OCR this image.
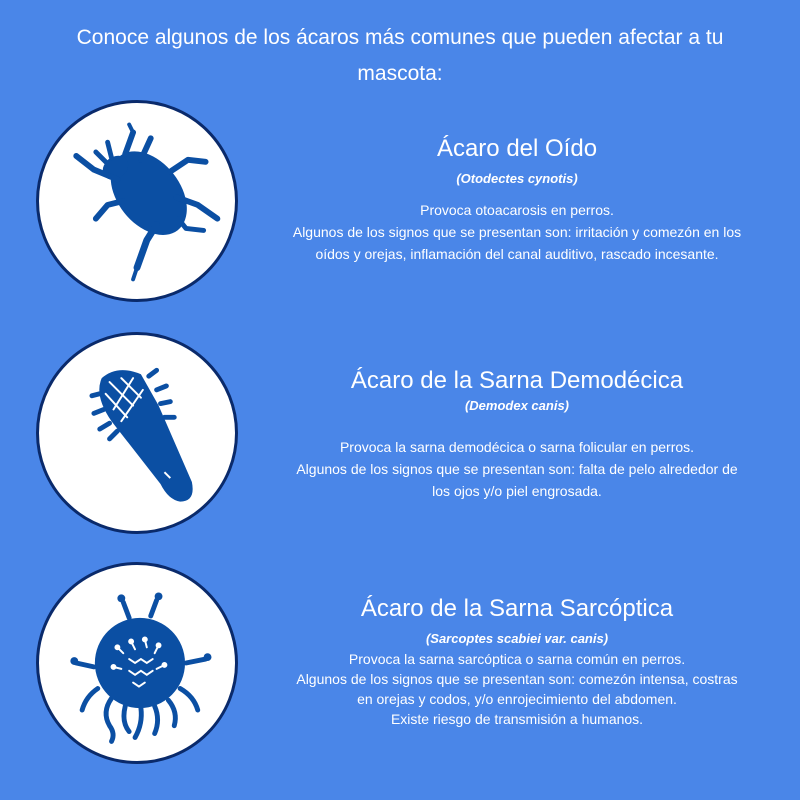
Conoce algunos de los ácaros más comunes que pueden afectar a tu
mascota:
Ácaro del Oído
(Otodectes cynotis)

Provoca otoacarosis en perros.

Algunos de los signos que se presentan son: irritación y comezón en los

oídos y orejas, inflamación del canal auditivo, rascado incesante.

Ácaro de la Sarna Demodécica
(Demodex canis)

Provoca la sarna demodécica o sarna folicular en perros.

Algunos de los signos que se presentan son: falta de pelo alrededor de

los ojos y/o piel engrosada.

Ácaro de la Sarna Sarcóptica
(Sarcoptes scabiei var. canis)

Provoca la sarna sarcóptica o sarna común en perros.

Algunos de los signos que se presentan son: comezón intensa, costras

en orejas y codos, y/o enrojecimiento del abdomen.

Existe riesgo de transmisión a humanos.
